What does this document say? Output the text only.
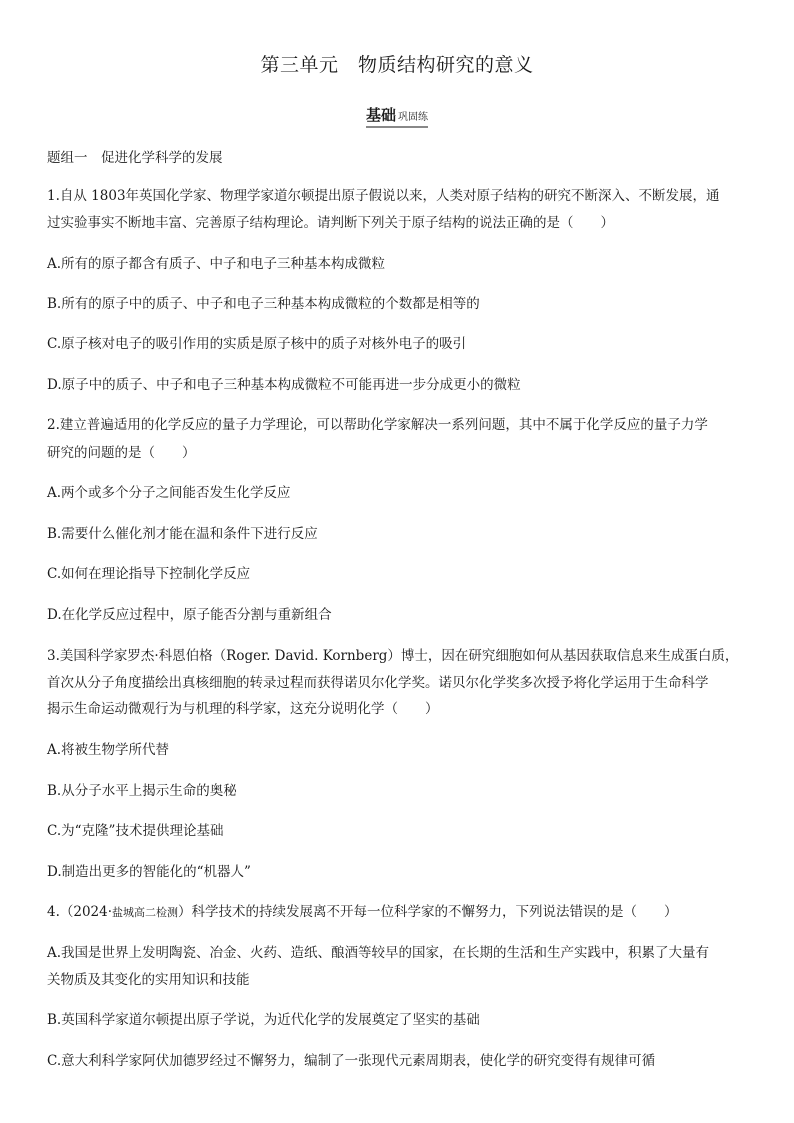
第三单元　物质结构研究的意义
基础 巩固练
题组一　促进化学科学的发展
1.自从 1803年英国化学家、物理学家道尔顿提出原子假说以来，人类对原子结构的研究不断深入、不断发展，通
过实验事实不断地丰富、完善原子结构理论。请判断下列关于原子结构的说法正确的是（　　）
A.所有的原子都含有质子、中子和电子三种基本构成微粒
B.所有的原子中的质子、中子和电子三种基本构成微粒的个数都是相等的
C.原子核对电子的吸引作用的实质是原子核中的质子对核外电子的吸引
D.原子中的质子、中子和电子三种基本构成微粒不可能再进一步分成更小的微粒
2.建立普遍适用的化学反应的量子力学理论，可以帮助化学家解决一系列问题，其中不属于化学反应的量子力学
研究的问题的是（　　）
A.两个或多个分子之间能否发生化学反应
B.需要什么催化剂才能在温和条件下进行反应
C.如何在理论指导下控制化学反应
D.在化学反应过程中，原子能否分割与重新组合
3.美国科学家罗杰·科恩伯格（Roger. David. Kornberg）博士，因在研究细胞如何从基因获取信息来生成蛋白质，
首次从分子角度描绘出真核细胞的转录过程而获得诺贝尔化学奖。诺贝尔化学奖多次授予将化学运用于生命科学
揭示生命运动微观行为与机理的科学家，这充分说明化学（　　）
A.将被生物学所代替
B.从分子水平上揭示生命的奥秘
C.为“克隆”技术提供理论基础
D.制造出更多的智能化的“机器人”
4.（2024·盐城高二检测）科学技术的持续发展离不开每一位科学家的不懈努力，下列说法错误的是（　　）
A.我国是世界上发明陶瓷、冶金、火药、造纸、酿酒等较早的国家，在长期的生活和生产实践中，积累了大量有
关物质及其变化的实用知识和技能
B.英国科学家道尔顿提出原子学说，为近代化学的发展奠定了坚实的基础
C.意大利科学家阿伏加德罗经过不懈努力，编制了一张现代元素周期表，使化学的研究变得有规律可循
